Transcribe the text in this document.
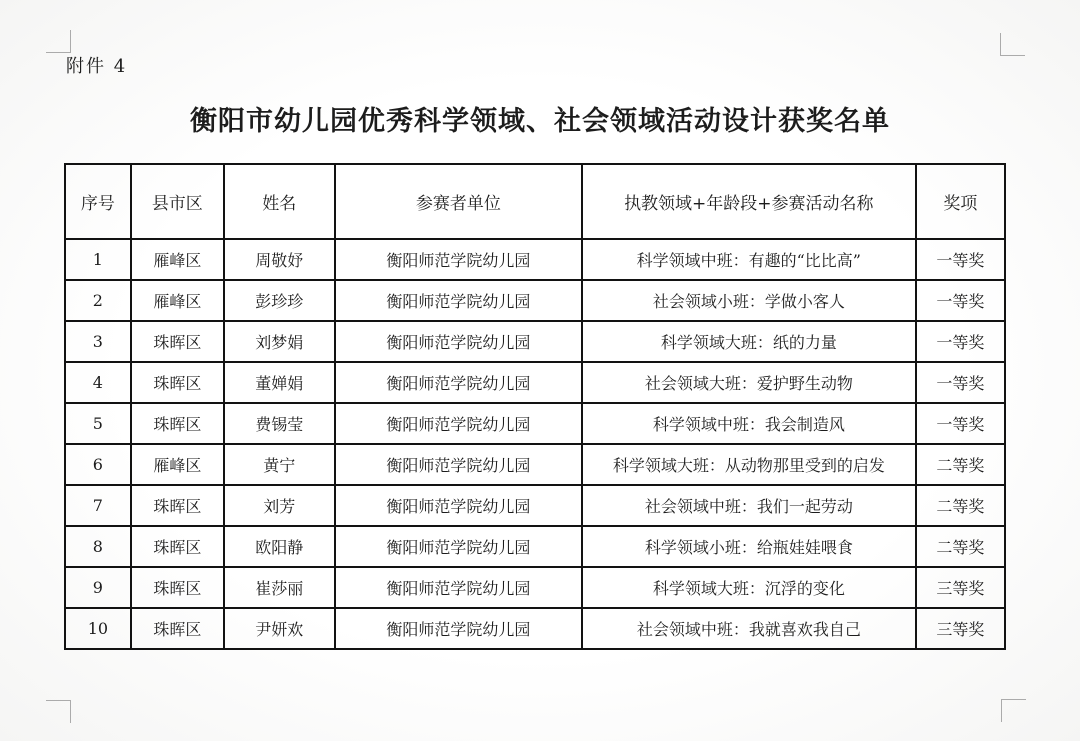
附件 4
衡阳市幼儿园优秀科学领域、社会领域活动设计获奖名单
序号	县市区	姓名	参赛者单位	执教领域+年龄段+参赛活动名称	奖项
1	雁峰区	周敬妤	衡阳师范学院幼儿园	科学领域中班：有趣的“比比高”	一等奖
2	雁峰区	彭珍珍	衡阳师范学院幼儿园	社会领域小班：学做小客人	一等奖
3	珠晖区	刘梦娟	衡阳师范学院幼儿园	科学领域大班：纸的力量	一等奖
4	珠晖区	董婵娟	衡阳师范学院幼儿园	社会领域大班：爱护野生动物	一等奖
5	珠晖区	费锡莹	衡阳师范学院幼儿园	科学领域中班：我会制造风	一等奖
6	雁峰区	黄宁	衡阳师范学院幼儿园	科学领域大班：从动物那里受到的启发	二等奖
7	珠晖区	刘芳	衡阳师范学院幼儿园	社会领域中班：我们一起劳动	二等奖
8	珠晖区	欧阳静	衡阳师范学院幼儿园	科学领域小班：给瓶娃娃喂食	二等奖
9	珠晖区	崔莎丽	衡阳师范学院幼儿园	科学领域大班：沉浮的变化	三等奖
10	珠晖区	尹妍欢	衡阳师范学院幼儿园	社会领域中班：我就喜欢我自己	三等奖
